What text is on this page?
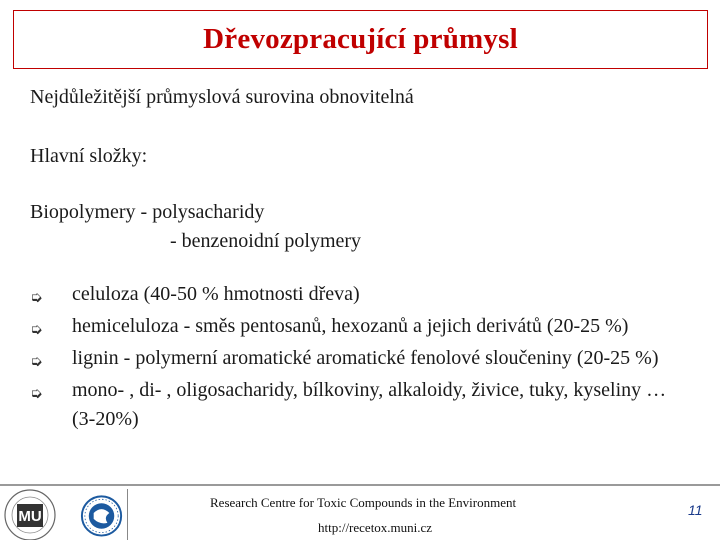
Dřevozpracující průmysl
Nejdůležitější průmyslová surovina obnovitelná
Hlavní složky:
Biopolymery - polysacharidy
- benzenoidní polymery
➭	celuloza (40-50 % hmotnosti dřeva)
➭	hemiceluloza - směs pentosanů, hexozanů a jejich derivátů (20-25 %)
➭	lignin - polymerní aromatické aromatické fenolové sloučeniny (20-25 %)
➭	mono- , di- , oligosacharidy, bílkoviny, alkaloidy, živice, tuky, kyseliny … (3-20%)
MU
Research Centre for Toxic Compounds in the Environment
http://recetox.muni.cz
11
